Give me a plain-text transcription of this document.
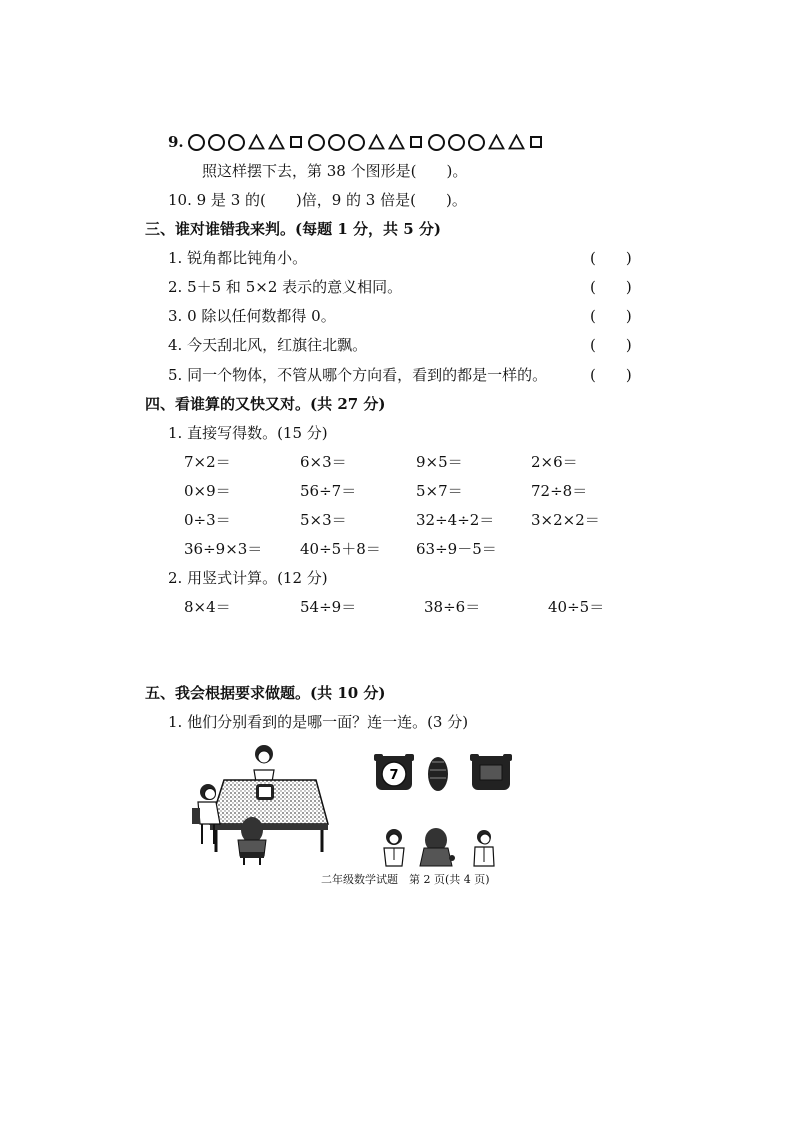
9.
照这样摆下去，第 38 个图形是(　　)。
10. 9 是 3 的(　　)倍，9 的 3 倍是(　　)。
三、谁对谁错我来判。(每题 1 分，共 5 分)
1. 锐角都比钝角小。	(　　)
2. 5＋5 和 5×2 表示的意义相同。	(　　)
3. 0 除以任何数都得 0。	(　　)
4. 今天刮北风，红旗往北飘。	(　　)
5. 同一个物体，不管从哪个方向看，看到的都是一样的。	(　　)
四、看谁算的又快又对。(共 27 分)
1. 直接写得数。(15 分)
7×2＝	6×3＝	9×5＝	2×6＝
0×9＝	56÷7＝	5×7＝	72÷8＝
0÷3＝	5×3＝	32÷4÷2＝ 3×2×2＝
36÷9×3＝	40÷5＋8＝ 63÷9－5＝
2. 用竖式计算。(12 分)
8×4＝	54÷9＝	38÷6＝	40÷5＝
五、我会根据要求做题。(共 10 分)
1. 他们分别看到的是哪一面？连一连。(3 分)
7
二年级数学试题　第 2 页(共 4 页)
